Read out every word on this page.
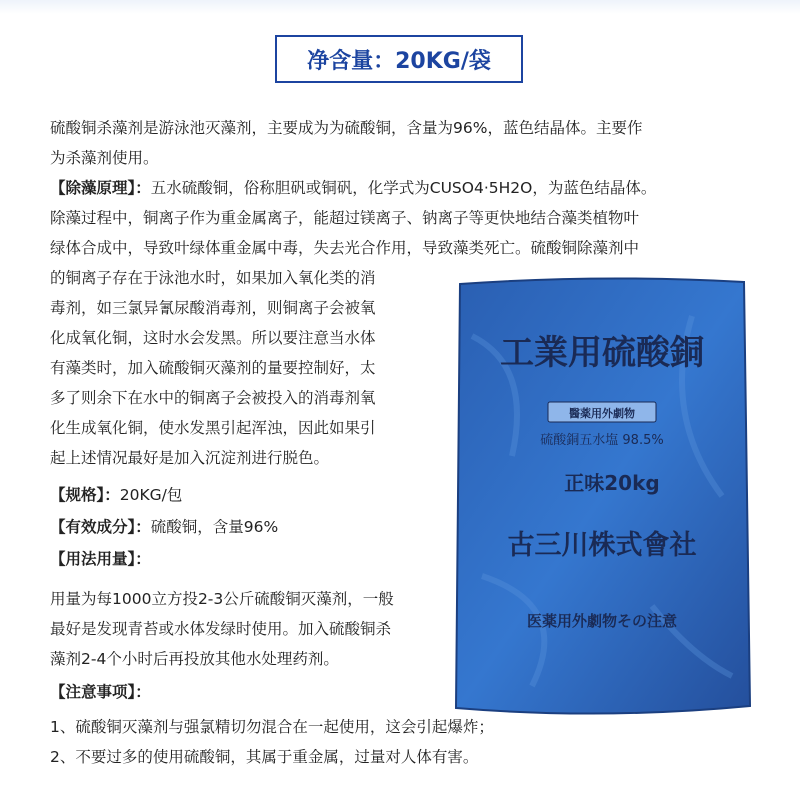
净含量：20KG/袋
硫酸铜杀藻剂是游泳池灭藻剂，主要成为为硫酸铜，含量为96%，蓝色结晶体。主要作
为杀藻剂使用。
【除藻原理】：五水硫酸铜，俗称胆矾或铜矾，化学式为CUSO4·5H2O，为蓝色结晶体。
除藻过程中，铜离子作为重金属离子，能超过镁离子、钠离子等更快地结合藻类植物叶
绿体合成中，导致叶绿体重金属中毒，失去光合作用，导致藻类死亡。硫酸铜除藻剂中
的铜离子存在于泳池水时，如果加入氧化类的消
毒剂，如三氯异氰尿酸消毒剂，则铜离子会被氧
化成氧化铜，这时水会发黑。所以要注意当水体
有藻类时，加入硫酸铜灭藻剂的量要控制好，太
多了则余下在水中的铜离子会被投入的消毒剂氧
化生成氧化铜，使水发黑引起浑浊，因此如果引
起上述情况最好是加入沉淀剂进行脱色。
【规格】：20KG/包
【有效成分】：硫酸铜，含量96%
【用法用量】：
用量为每1000立方投2-3公斤硫酸铜灭藻剂，一般
最好是发现青苔或水体发绿时使用。加入硫酸铜杀
藻剂2-4个小时后再投放其他水处理药剂。
【注意事项】：
1、硫酸铜灭藻剂与强氯精切勿混合在一起使用，这会引起爆炸；
2、不要过多的使用硫酸铜，其属于重金属，过量对人体有害。
工業用硫酸銅
醫薬用外劇物
硫酸銅五水塩 98.5%
正味20kg
古三川株式會社
医薬用外劇物その注意
